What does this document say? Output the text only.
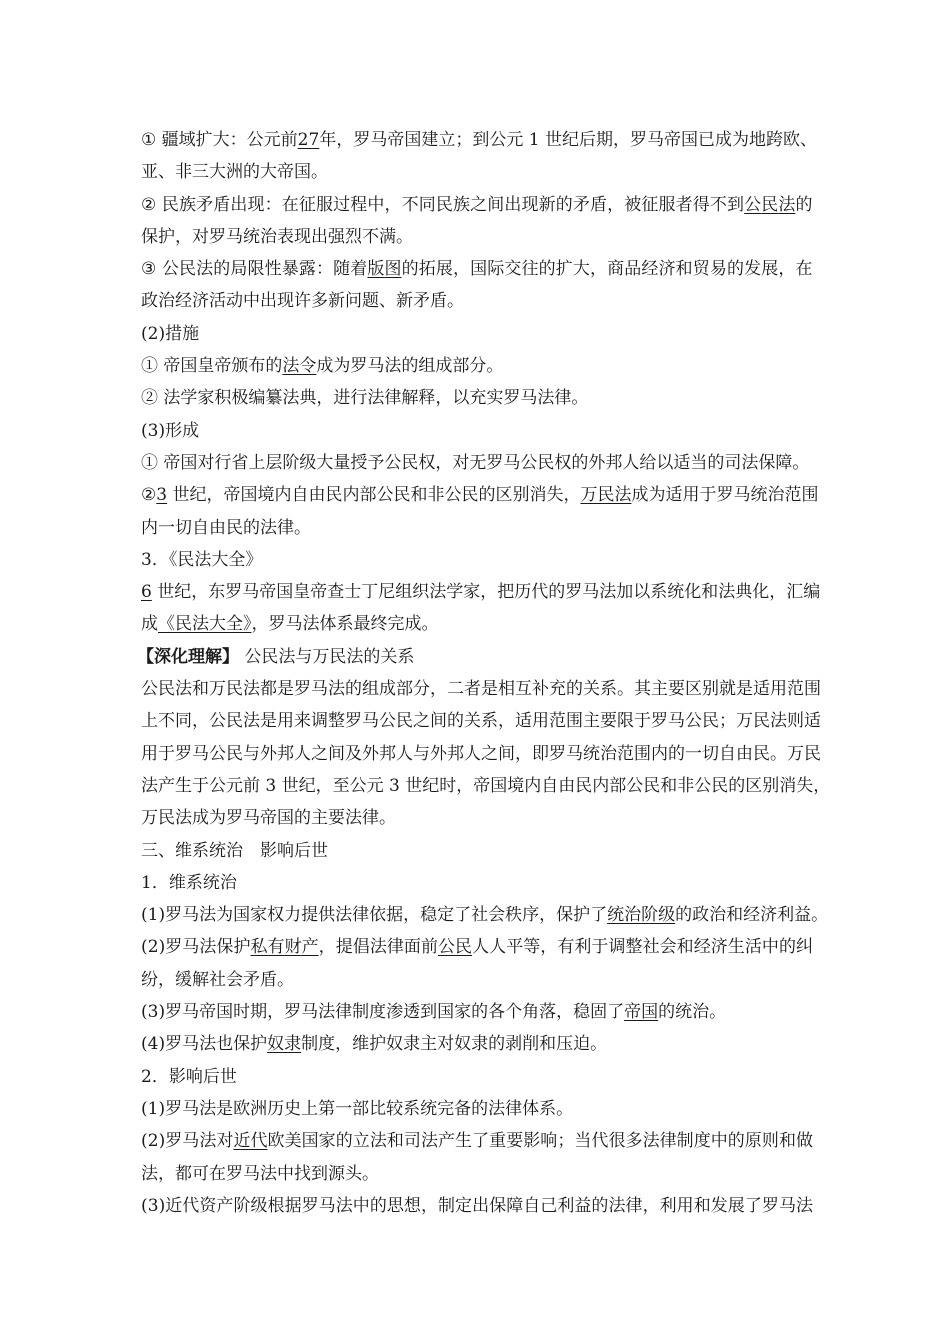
①
疆 域 扩 大 ： 公 元 前 2 7 年 ， 罗 马 帝 国 建 立 ； 到 公 元
1
世 纪 后 期 ， 罗 马 帝 国 已 成 为 地 跨 欧 、
亚、非三大洲的大帝国。
②
民 族 矛 盾 出 现 ： 在 征 服 过 程 中 ， 不 同 民 族 之 间 出 现 新 的 矛 盾 ， 被 征 服 者 得 不 到 公 民 法 的
保护，对罗马统治表现出强烈不满。
③
公 民 法 的 局 限 性 暴 露 ： 随 着 版 图 的 拓 展 ， 国 际 交 往 的 扩 大 ， 商 品 经 济 和 贸 易 的 发 展 ， 在
政治经济活动中出现许多新问题、新矛盾。
(2)措施
① 帝国皇帝颁布的法令成为罗马法的组成部分。
② 法学家积极编纂法典，进行法律解释，以充实罗马法律。
(3)形成
① 帝国对行省上层阶级大量授予公民权，对无罗马公民权的外邦人给以适当的司法保障。
② 3
世 纪 ， 帝 国 境 内 自 由 民 内 部 公 民 和 非 公 民 的 区 别 消 失 ， 万 民 法 成 为 适 用 于 罗 马 统 治 范 围
内一切自由民的法律。
3．《民法大全》
6
世 纪 ， 东 罗 马 帝 国 皇 帝 查 士 丁 尼 组 织 法 学 家 ， 把 历 代 的 罗 马 法 加 以 系 统 化 和 法 典 化 ， 汇 编
成《民法大全》，罗马法体系最终完成。
【深化理解】 公民法与万民法的关系
公 民 法 和 万 民 法 都 是 罗 马 法 的 组 成 部 分 ， 二 者 是 相 互 补 充 的 关 系 。 其 主 要 区 别 就 是 适 用 范 围
上 不 同 ， 公 民 法 是 用 来 调 整 罗 马 公 民 之 间 的 关 系 ， 适 用 范 围 主 要 限 于 罗 马 公 民 ； 万 民 法 则 适
用 于 罗 马 公 民 与 外 邦 人 之 间 及 外 邦 人 与 外 邦 人 之 间 ， 即 罗 马 统 治 范 围 内 的 一 切 自 由 民 。 万 民
法 产 生 于 公 元 前
3
世 纪 ， 至 公 元
3
世 纪 时 ， 帝 国 境 内 自 由 民 内 部 公 民 和 非 公 民 的 区 别 消 失 ，
万民法成为罗马帝国的主要法律。
三、维系统治　影响后世
1．维系统治
(1)罗马法为国家权力提供法律依据，稳定了社会秩序，保护了统治阶级的政治和经济利益。
( 2 ) 罗 马 法 保 护 私 有 财 产 ， 提 倡 法 律 面 前 公 民 人 人 平 等 ， 有 利 于 调 整 社 会 和 经 济 生 活 中 的 纠
纷，缓解社会矛盾。
(3)罗马帝国时期，罗马法律制度渗透到国家的各个角落，稳固了帝国的统治。
(4)罗马法也保护奴隶制度，维护奴隶主对奴隶的剥削和压迫。
2．影响后世
(1)罗马法是欧洲历史上第一部比较系统完备的法律体系。
( 2 ) 罗 马 法 对 近 代 欧 美 国 家 的 立 法 和 司 法 产 生 了 重 要 影 响 ； 当 代 很 多 法 律 制 度 中 的 原 则 和 做
法，都可在罗马法中找到源头。
( 3 ) 近 代 资 产 阶 级 根 据 罗 马 法 中 的 思 想 ， 制 定 出 保 障 自 己 利 益 的 法 律 ， 利 用 和 发 展 了 罗 马 法
